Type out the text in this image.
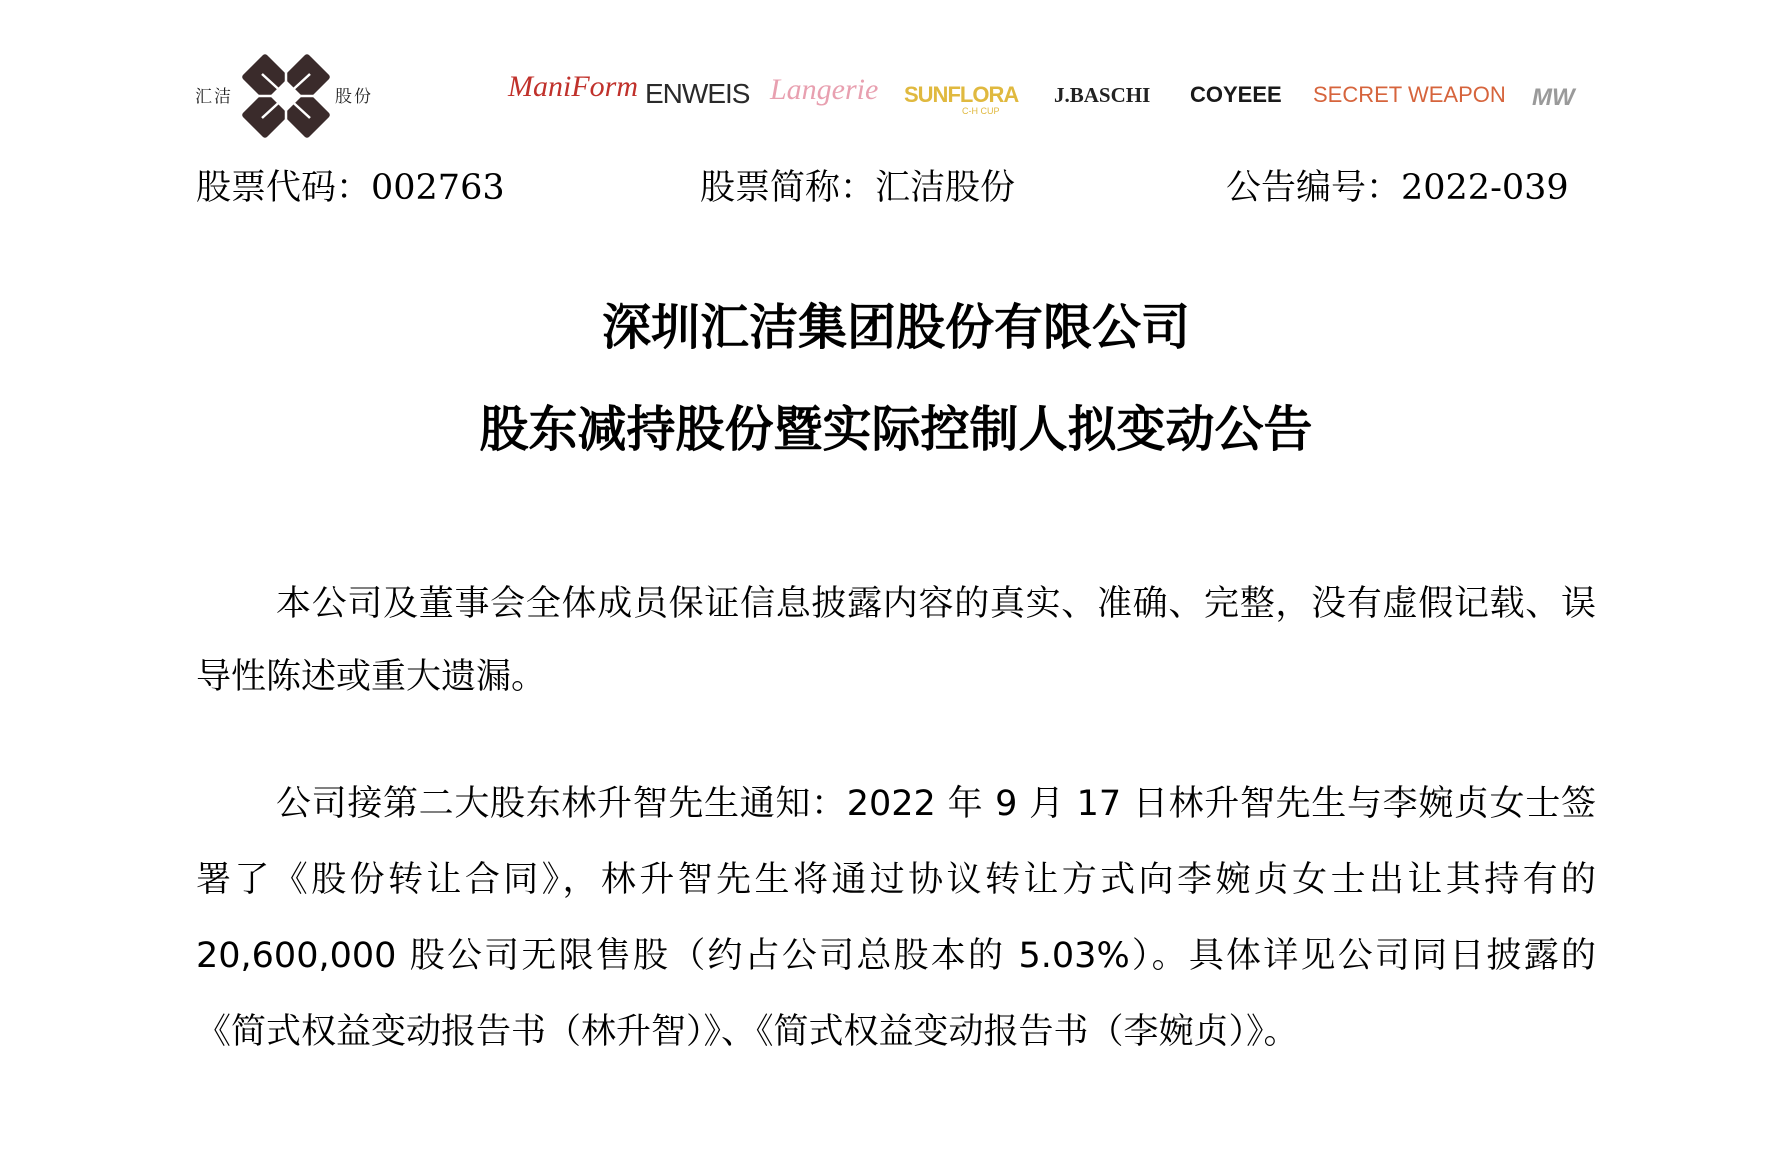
汇洁	股份	ManiForm ENWEIS Langerie SUNFLORA
C-H CUP
J.BASCHI COYEEE SECRET WEAPON MW
股票代码：002763	股票简称：汇洁股份	公告编号：2022-039
深圳汇洁集团股份有限公司
股东减持股份暨实际控制人拟变动公告

本公司及董事会全体成员保证信息披露内容的真实、准确、完整，没有虚假记载、误导性陈述或重大遗漏。

公司接第二大股东林升智先生通知：2022 年 9 月 17 日林升智先生与李婉贞女士签署了《股份转让合同》，林升智先生将通过协议转让方式向李婉贞女士出让其持有的 20,600,000 股公司无限售股（约占公司总股本的 5.03%）。具体详见公司同日披露的《简式权益变动报告书（林升智）》、《简式权益变动报告书（李婉贞）》。
